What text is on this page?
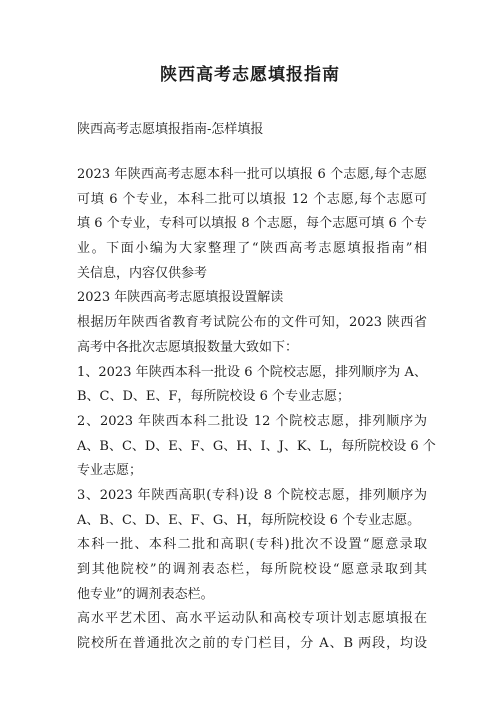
陕西高考志愿填报指南
陕西高考志愿填报指南-怎样填报
2023 年陕西高考志愿本科一批可以填报 6 个志愿,每个志愿
可填 6 个专业，本科二批可以填报 12 个志愿,每个志愿可
填 6 个专业，专科可以填报 8 个志愿，每个志愿可填 6 个专
业。下面小编为大家整理了“陕西高考志愿填报指南”相
关信息，内容仅供参考
2023 年陕西高考志愿填报设置解读
根据历年陕西省教育考试院公布的文件可知，2023 陕西省
高考中各批次志愿填报数量大致如下：
1、2023 年陕西本科一批设 6 个院校志愿，排列顺序为 A、
B、C、D、E、F，每所院校设 6 个专业志愿；
2、2023 年陕西本科二批设 12 个院校志愿，排列顺序为
A、B、C、D、E、F、G、H、I、J、K、L，每所院校设 6 个
专业志愿；
3、2023 年陕西高职(专科)设 8 个院校志愿，排列顺序为
A、B、C、D、E、F、G、H，每所院校设 6 个专业志愿。
本科一批、本科二批和高职(专科)批次不设置“愿意录取
到其他院校”的调剂表态栏，每所院校设“愿意录取到其
他专业”的调剂表态栏。
高水平艺术团、高水平运动队和高校专项计划志愿填报在
院校所在普通批次之前的专门栏目，分 A、B 两段，均设
